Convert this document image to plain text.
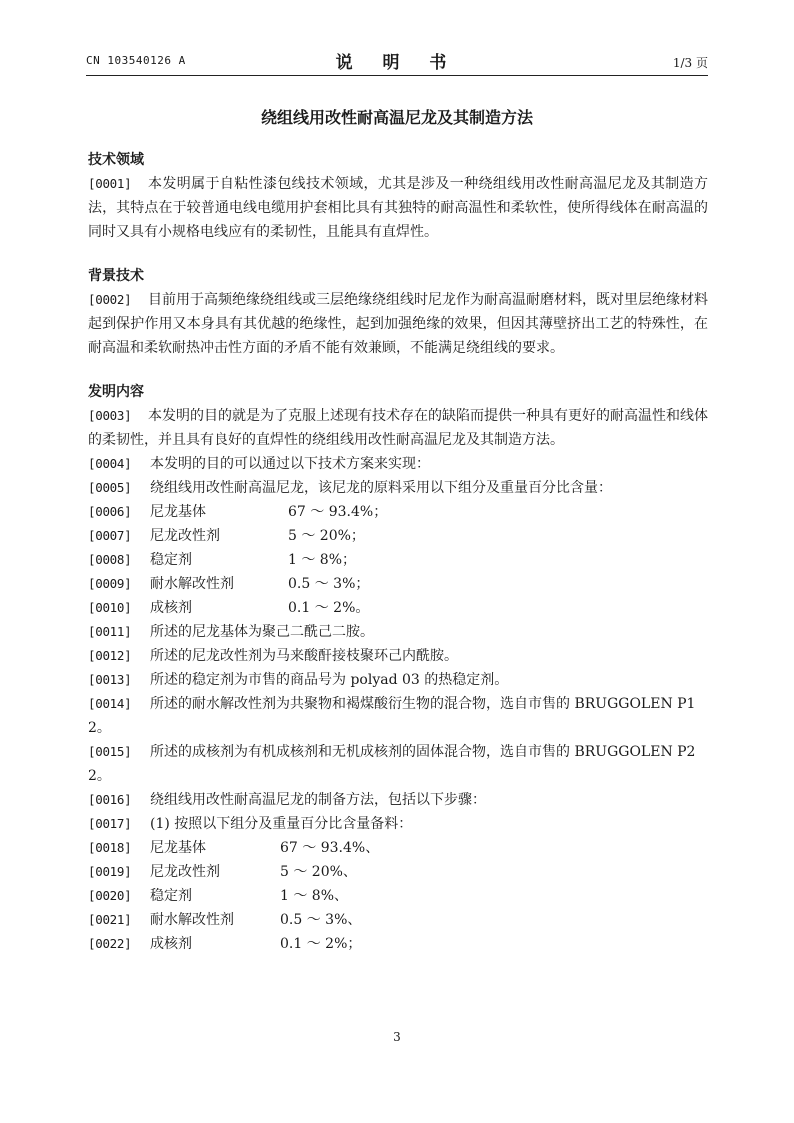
CN 103540126 A	说 明 书	1/3 页
绕组线用改性耐高温尼龙及其制造方法
技术领域
[0001] 本发明属于自粘性漆包线技术领域，尤其是涉及一种绕组线用改性耐高温尼龙及其制造方法，其特点在于较普通电线电缆用护套相比具有其独特的耐高温性和柔软性，使所得线体在耐高温的同时又具有小规格电线应有的柔韧性，且能具有直焊性。
背景技术
[0002] 目前用于高频绝缘绕组线或三层绝缘绕组线时尼龙作为耐高温耐磨材料，既对里层绝缘材料起到保护作用又本身具有其优越的绝缘性，起到加强绝缘的效果，但因其薄壁挤出工艺的特殊性，在耐高温和柔软耐热冲击性方面的矛盾不能有效兼顾，不能满足绕组线的要求。
发明内容
[0003] 本发明的目的就是为了克服上述现有技术存在的缺陷而提供一种具有更好的耐高温性和线体的柔韧性，并且具有良好的直焊性的绕组线用改性耐高温尼龙及其制造方法。
[0004] 本发明的目的可以通过以下技术方案来实现：
[0005] 绕组线用改性耐高温尼龙，该尼龙的原料采用以下组分及重量百分比含量：
[0006] 尼龙基体	67 ～ 93.4%；
[0007] 尼龙改性剂	5 ～ 20%；
[0008] 稳定剂	1 ～ 8%；
[0009] 耐水解改性剂	0.5 ～ 3%；
[0010] 成核剂	0.1 ～ 2%。
[0011] 所述的尼龙基体为聚己二酰己二胺。
[0012] 所述的尼龙改性剂为马来酸酐接枝聚环己内酰胺。
[0013] 所述的稳定剂为市售的商品号为 polyad 03 的热稳定剂。
[0014] 所述的耐水解改性剂为共聚物和褐煤酸衍生物的混合物，选自市售的 BRUGGOLEN P12。
[0015] 所述的成核剂为有机成核剂和无机成核剂的固体混合物，选自市售的 BRUGGOLEN P22。
[0016] 绕组线用改性耐高温尼龙的制备方法，包括以下步骤：
[0017] (1) 按照以下组分及重量百分比含量备料：
[0018] 尼龙基体	67 ～ 93.4%、
[0019] 尼龙改性剂	5 ～ 20%、
[0020] 稳定剂	1 ～ 8%、
[0021] 耐水解改性剂	0.5 ～ 3%、
[0022] 成核剂	0.1 ～ 2%；
3
